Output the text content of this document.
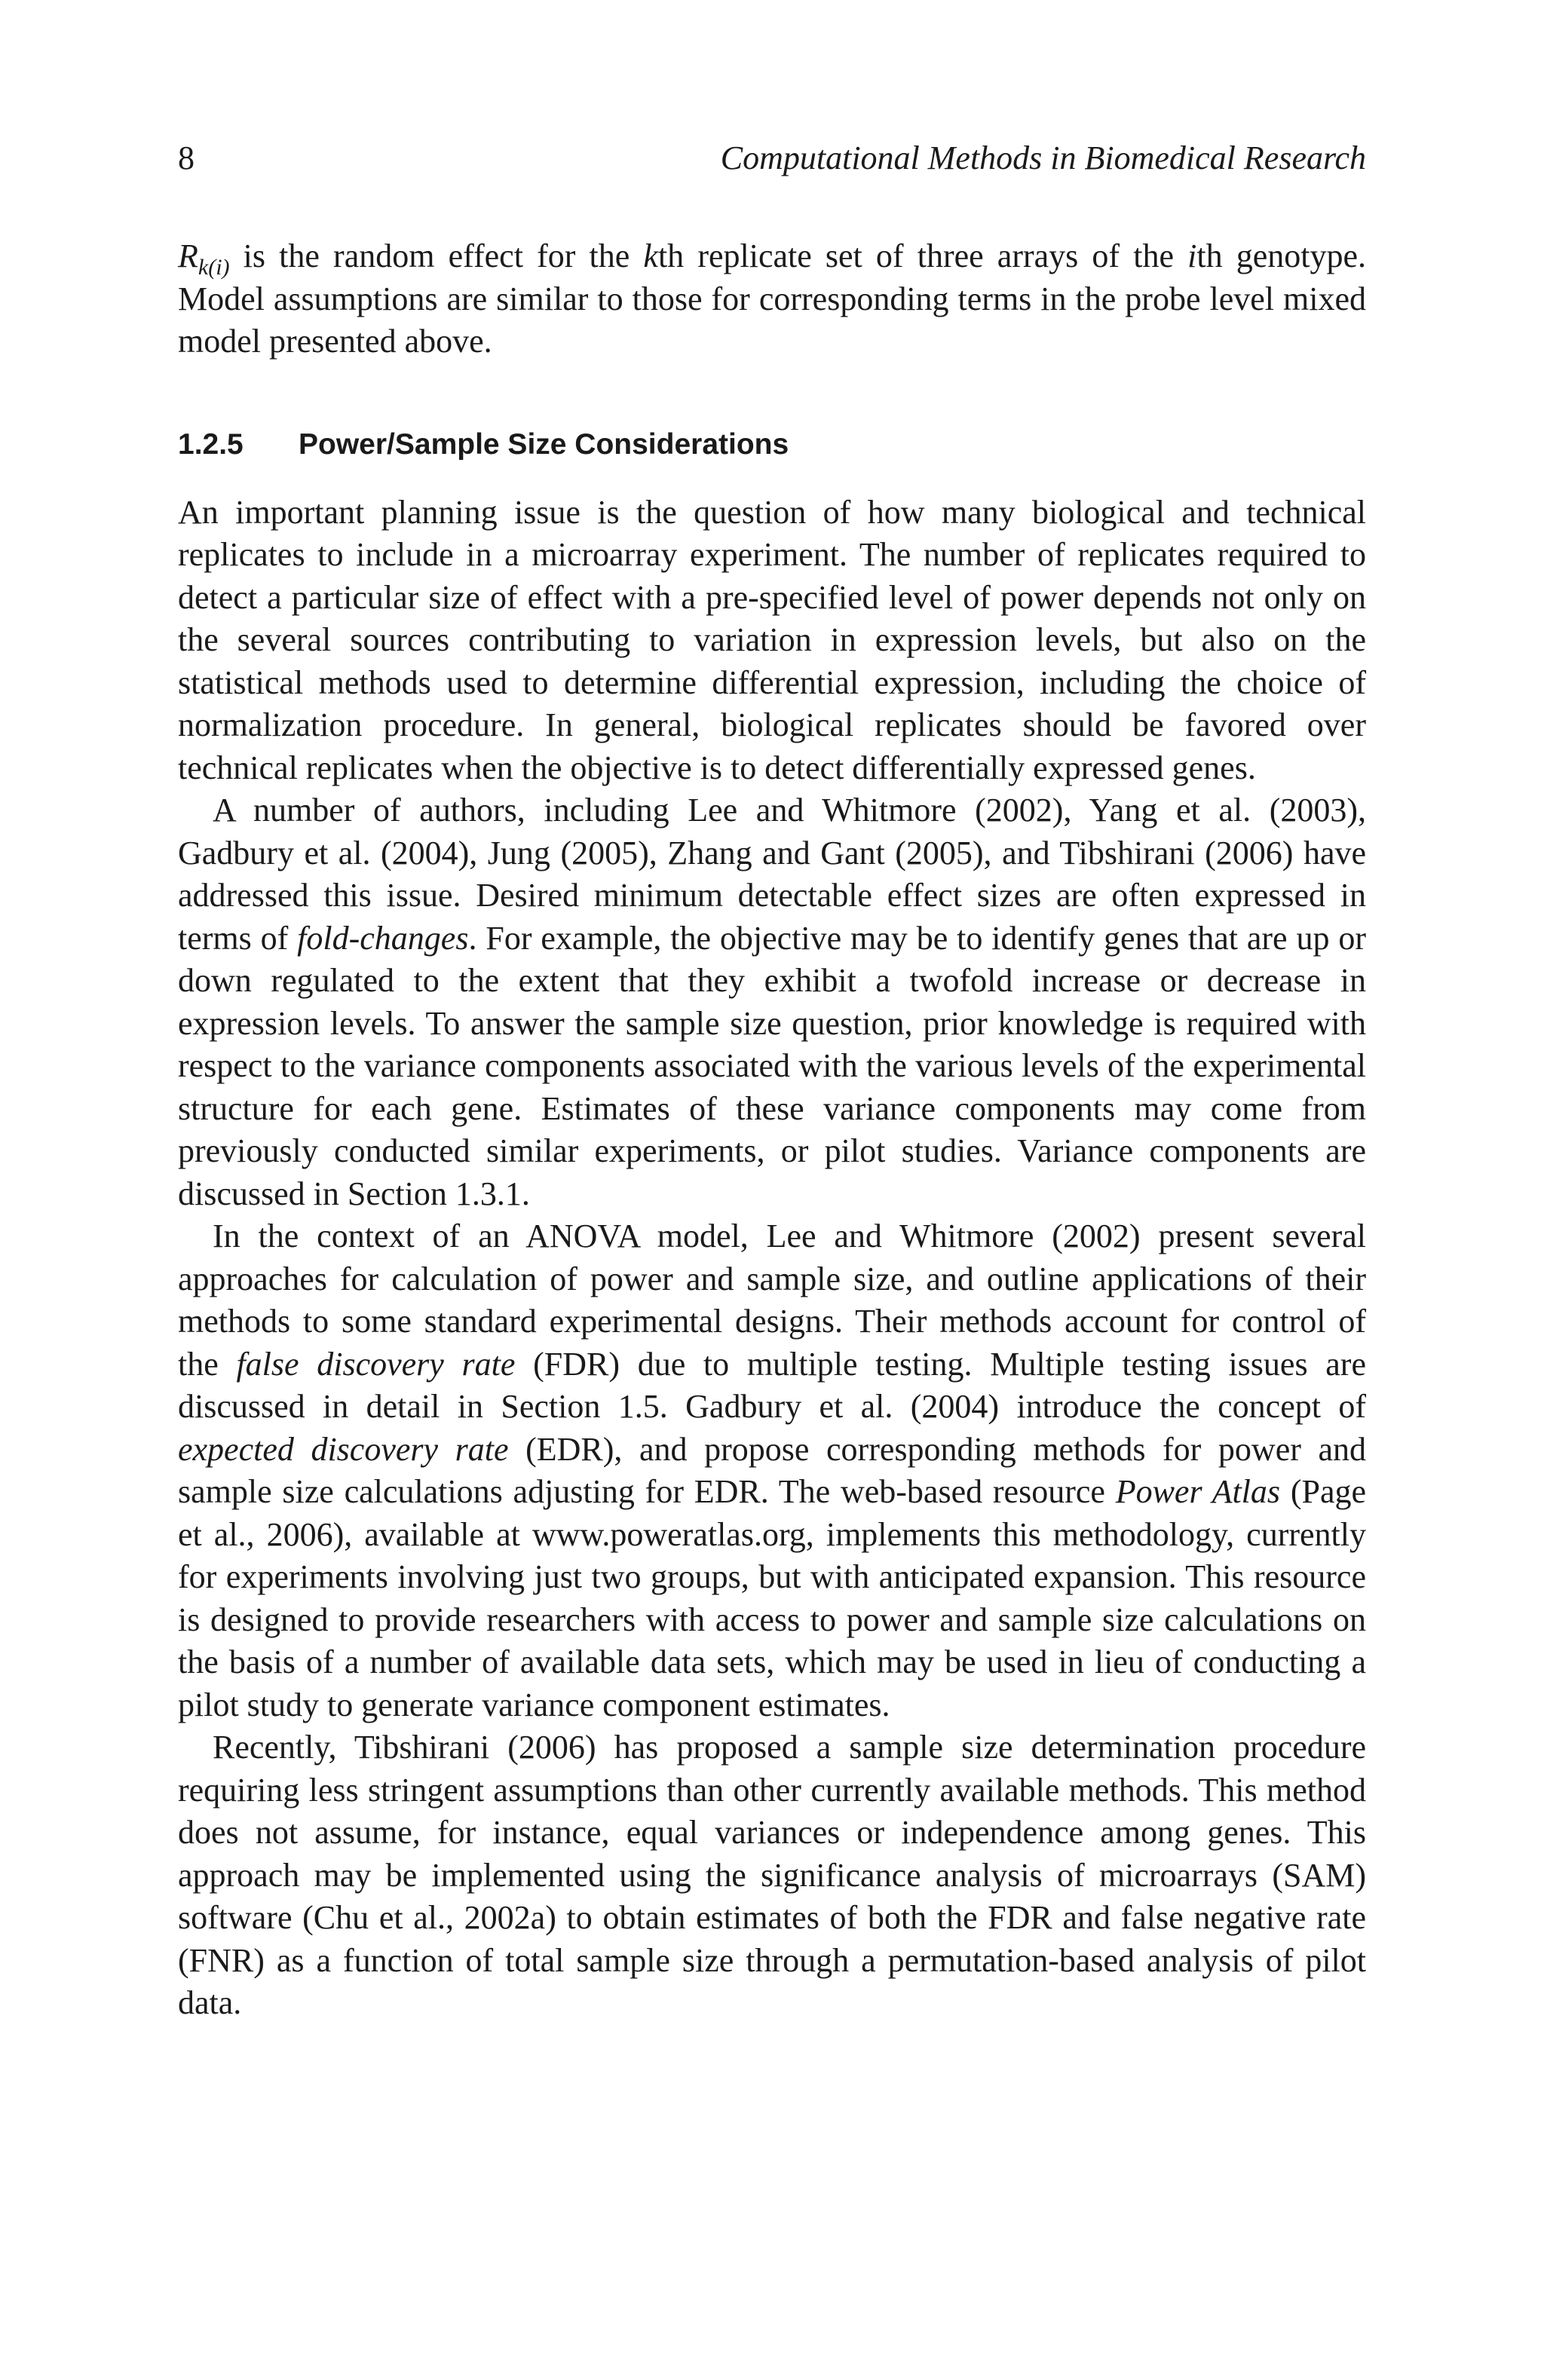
8	Computational Methods in Biomedical Research

$R_{k(i)}$ is the random effect for the kth replicate set of three arrays of the ith genotype. Model assumptions are similar to those for corresponding terms in the probe level mixed model presented above.

1.2.5 Power/Sample Size Considerations

An important planning issue is the question of how many biological and technical replicates to include in a microarray experiment. The number of replicates required to detect a particular size of effect with a pre-specified level of power depends not only on the several sources contributing to variation in expression levels, but also on the statistical methods used to determine differential expression, including the choice of normalization procedure. In general, biological replicates should be favored over technical replicates when the objective is to detect differentially expressed genes.

A number of authors, including Lee and Whitmore (2002), Yang et al. (2003), Gadbury et al. (2004), Jung (2005), Zhang and Gant (2005), and Tibshirani (2006) have addressed this issue. Desired minimum detectable effect sizes are often expressed in terms of fold-changes. For example, the objective may be to identify genes that are up or down regulated to the extent that they exhibit a twofold increase or decrease in expression levels. To answer the sample size question, prior knowledge is required with respect to the variance components associated with the various levels of the experimental structure for each gene. Estimates of these variance components may come from previously conducted similar experiments, or pilot studies. Variance components are discussed in Section 1.3.1.

In the context of an ANOVA model, Lee and Whitmore (2002) present several approaches for calculation of power and sample size, and outline applications of their methods to some standard experimental designs. Their methods account for control of the false discovery rate (FDR) due to multiple testing. Multiple testing issues are discussed in detail in Section 1.5. Gadbury et al. (2004) introduce the concept of expected discovery rate (EDR), and propose corresponding methods for power and sample size calculations adjusting for EDR. The web-based resource Power Atlas (Page et al., 2006), available at www.poweratlas.org, implements this methodology, currently for experiments involving just two groups, but with anticipated expansion. This resource is designed to provide researchers with access to power and sample size calculations on the basis of a number of available data sets, which may be used in lieu of conducting a pilot study to generate variance component estimates.

Recently, Tibshirani (2006) has proposed a sample size determination procedure requiring less stringent assumptions than other currently available methods. This method does not assume, for instance, equal variances or independence among genes. This approach may be implemented using the significance analysis of microarrays (SAM) software (Chu et al., 2002a) to obtain estimates of both the FDR and false negative rate (FNR) as a function of total sample size through a permutation-based analysis of pilot data.
